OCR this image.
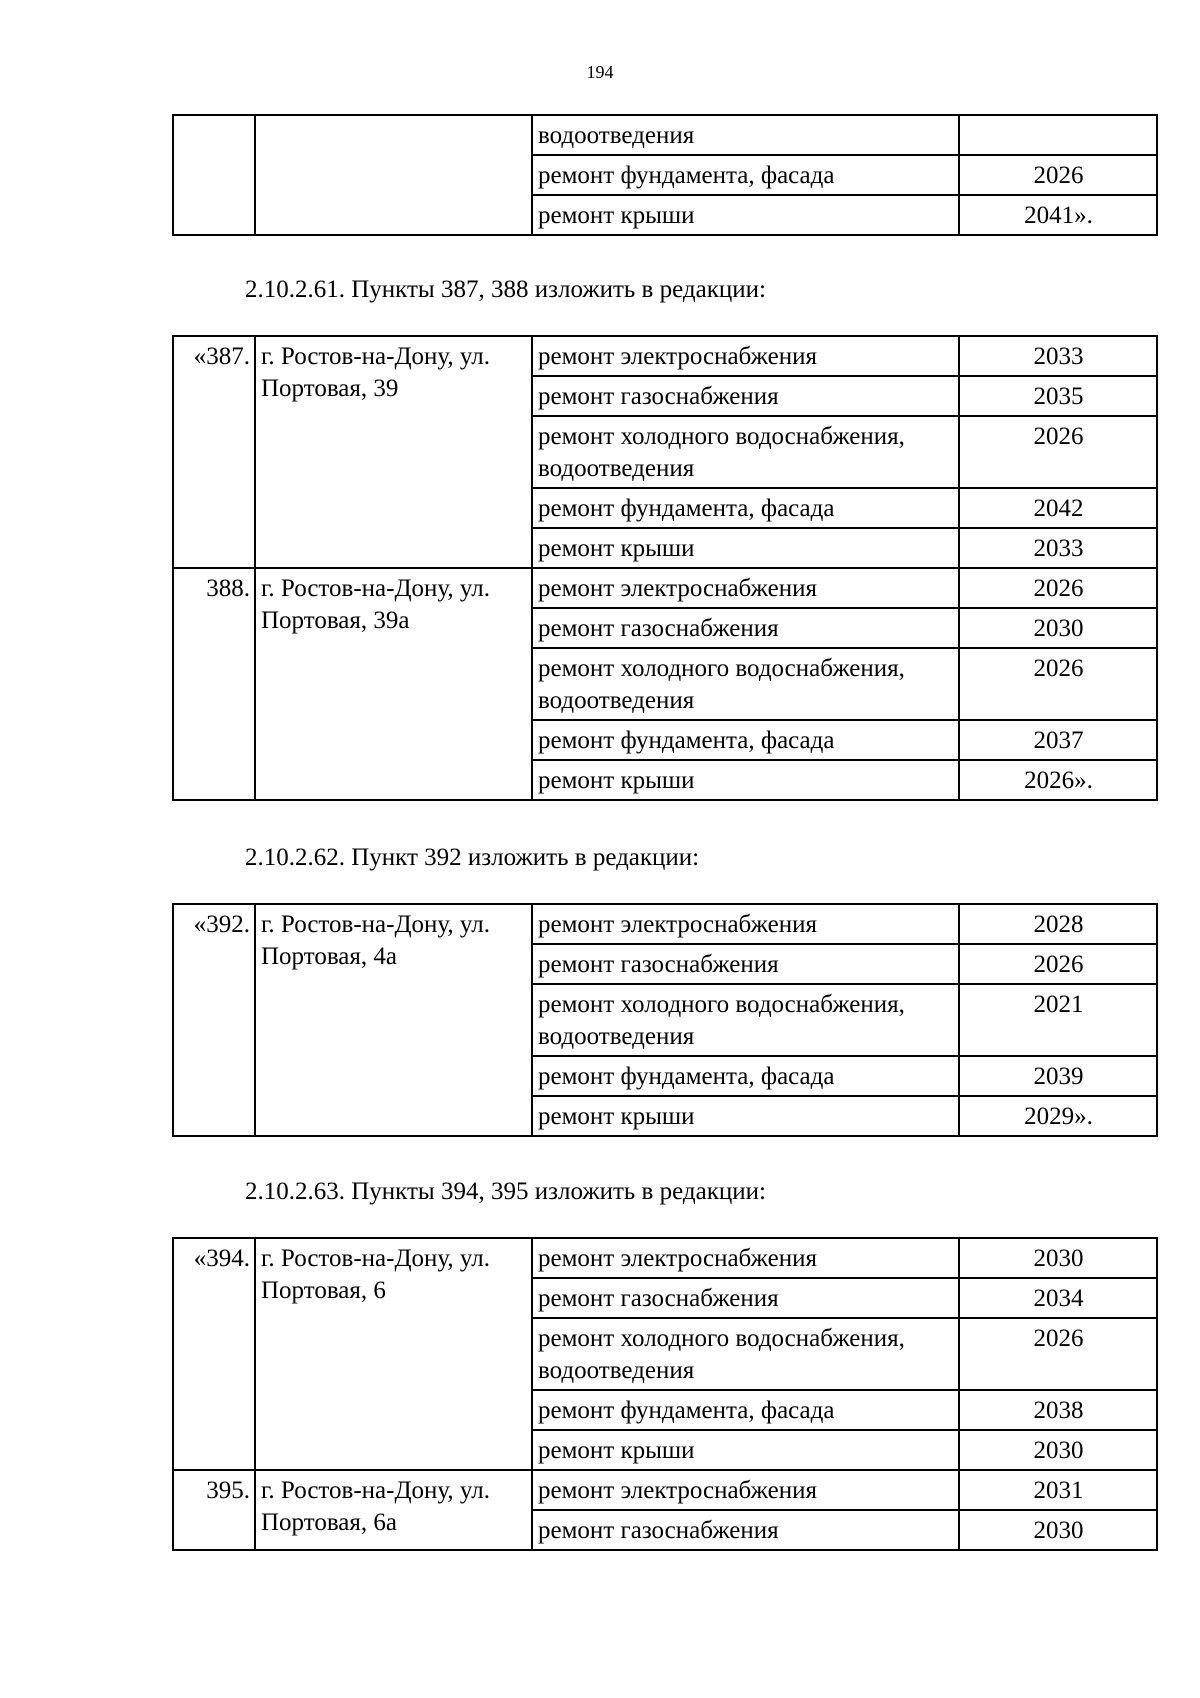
194
		водоотведения	
		ремонт фундамента, фасада	2026
		ремонт крыши	2041».
2.10.2.61. Пункты 387, 388 изложить в редакции:
«387.	г. Ростов-на-Дону, ул. Портовая, 39	ремонт электроснабжения	2033
		ремонт газоснабжения	2035
		ремонт холодного водоснабжения, водоотведения	2026
		ремонт фундамента, фасада	2042
		ремонт крыши	2033
388.	г. Ростов-на-Дону, ул. Портовая, 39а	ремонт электроснабжения	2026
		ремонт газоснабжения	2030
		ремонт холодного водоснабжения, водоотведения	2026
		ремонт фундамента, фасада	2037
		ремонт крыши	2026».
2.10.2.62. Пункт 392 изложить в редакции:
«392.	г. Ростов-на-Дону, ул. Портовая, 4а	ремонт электроснабжения	2028
		ремонт газоснабжения	2026
		ремонт холодного водоснабжения, водоотведения	2021
		ремонт фундамента, фасада	2039
		ремонт крыши	2029».
2.10.2.63. Пункты 394, 395 изложить в редакции:
«394.	г. Ростов-на-Дону, ул. Портовая, 6	ремонт электроснабжения	2030
		ремонт газоснабжения	2034
		ремонт холодного водоснабжения, водоотведения	2026
		ремонт фундамента, фасада	2038
		ремонт крыши	2030
395.	г. Ростов-на-Дону, ул. Портовая, 6а	ремонт электроснабжения	2031
		ремонт газоснабжения	2030
